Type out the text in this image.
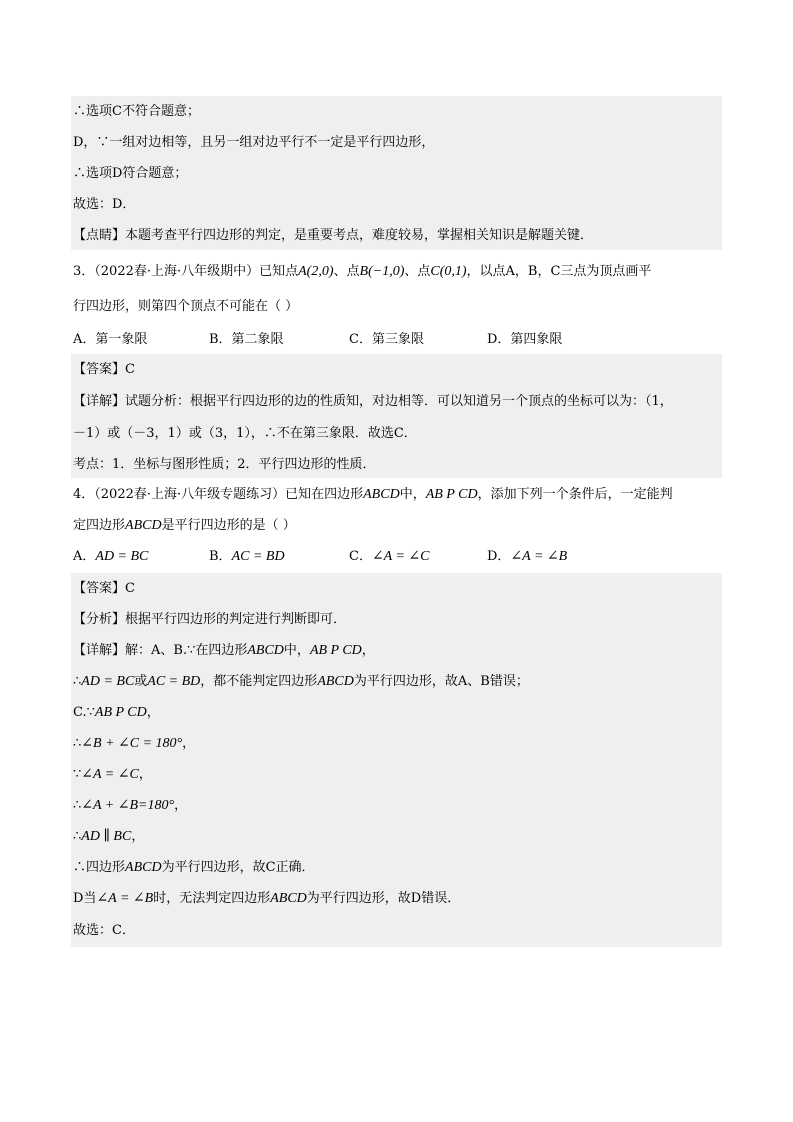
∴选项C不符合题意；
D，∵一组对边相等，且另一组对边平行不一定是平行四边形，
∴选项D符合题意；
故选：D．
【点睛】本题考查平行四边形的判定，是重要考点，难度较易，掌握相关知识是解题关键．
3．（2022春·上海·八年级期中）已知点A(2,0)、点B(−1,0)、点C(0,1)，以点A，B，C三点为顶点画平
行四边形，则第四个顶点不可能在（ ）
A．第一象限	B．第二象限	C．第三象限	D．第四象限
【答案】C
【详解】试题分析：根据平行四边形的边的性质知，对边相等．可以知道另一个顶点的坐标可以为：（1，
－1）或（－3，1）或（3，1），∴不在第三象限．故选C．
考点：1．坐标与图形性质；2．平行四边形的性质．
4．（2022春·上海·八年级专题练习）已知在四边形ABCD中，AB P CD，添加下列一个条件后，一定能判
定四边形ABCD是平行四边形的是（ ）
A．AD = BC	B．AC = BD	C．∠A = ∠C	D．∠A = ∠B
【答案】C
【分析】根据平行四边形的判定进行判断即可．
【详解】解：A、B.∵在四边形ABCD中，AB P CD，
∴AD = BC或AC = BD，都不能判定四边形ABCD为平行四边形，故A、B错误；
C.∵AB P CD，
∴∠B + ∠C = 180°，
∵∠A = ∠C，
∴∠A + ∠B=180°，
∴AD ∥ BC，
∴四边形ABCD为平行四边形，故C正确．
D当∠A = ∠B时，无法判定四边形ABCD为平行四边形，故D错误．
故选：C．
